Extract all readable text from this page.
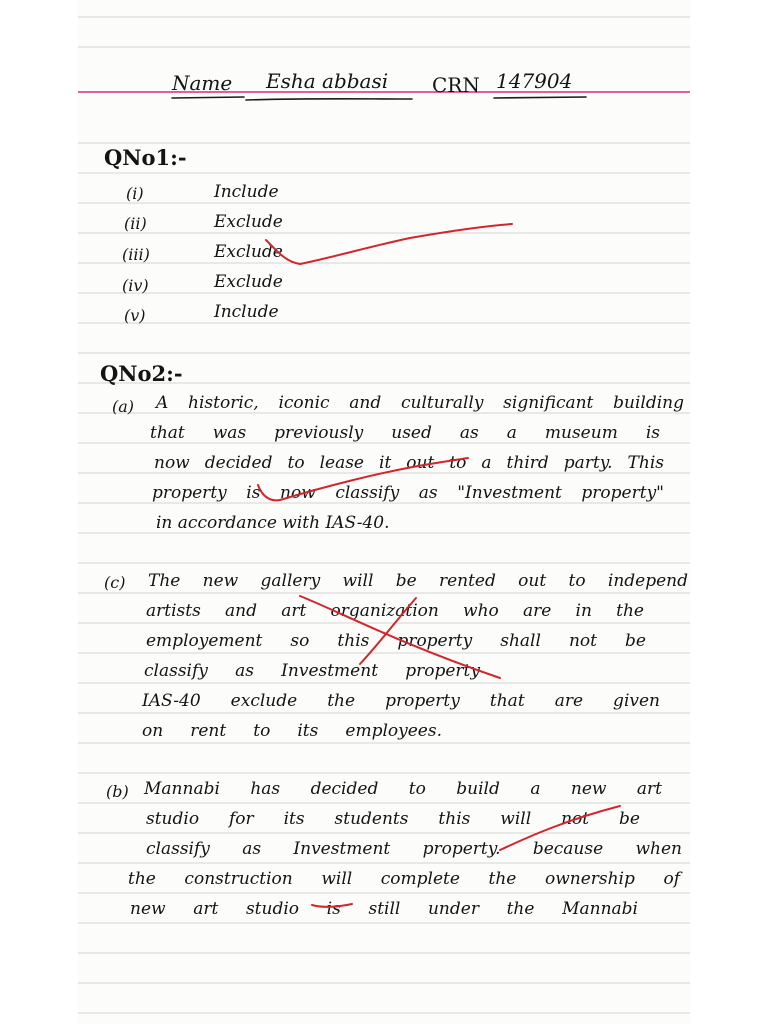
Name Esha abbasi CRN 147904
QNo1:-
(i)	Include
(ii)	Exclude
(iii)	Exclude
(iv)	Exclude
(v)	Include
QNo2:-
(a) A historic, iconic and culturally significant building
that was previously used as a museum is
now decided to lease it out to a third party. This
property is now classify as "Investment property"
in accordance with IAS-40.
(c) The new gallery will be rented out to independ
artists and art organization who are in the
employement so this property shall not be
classify as Investment property
IAS-40 exclude the property that are given
on rent to its employees.
(b) Mannabi has decided to build a new art
studio for its students this will not be
classify as Investment property. because when
the construction will complete the ownership of
new art studio is still under the Mannabi
